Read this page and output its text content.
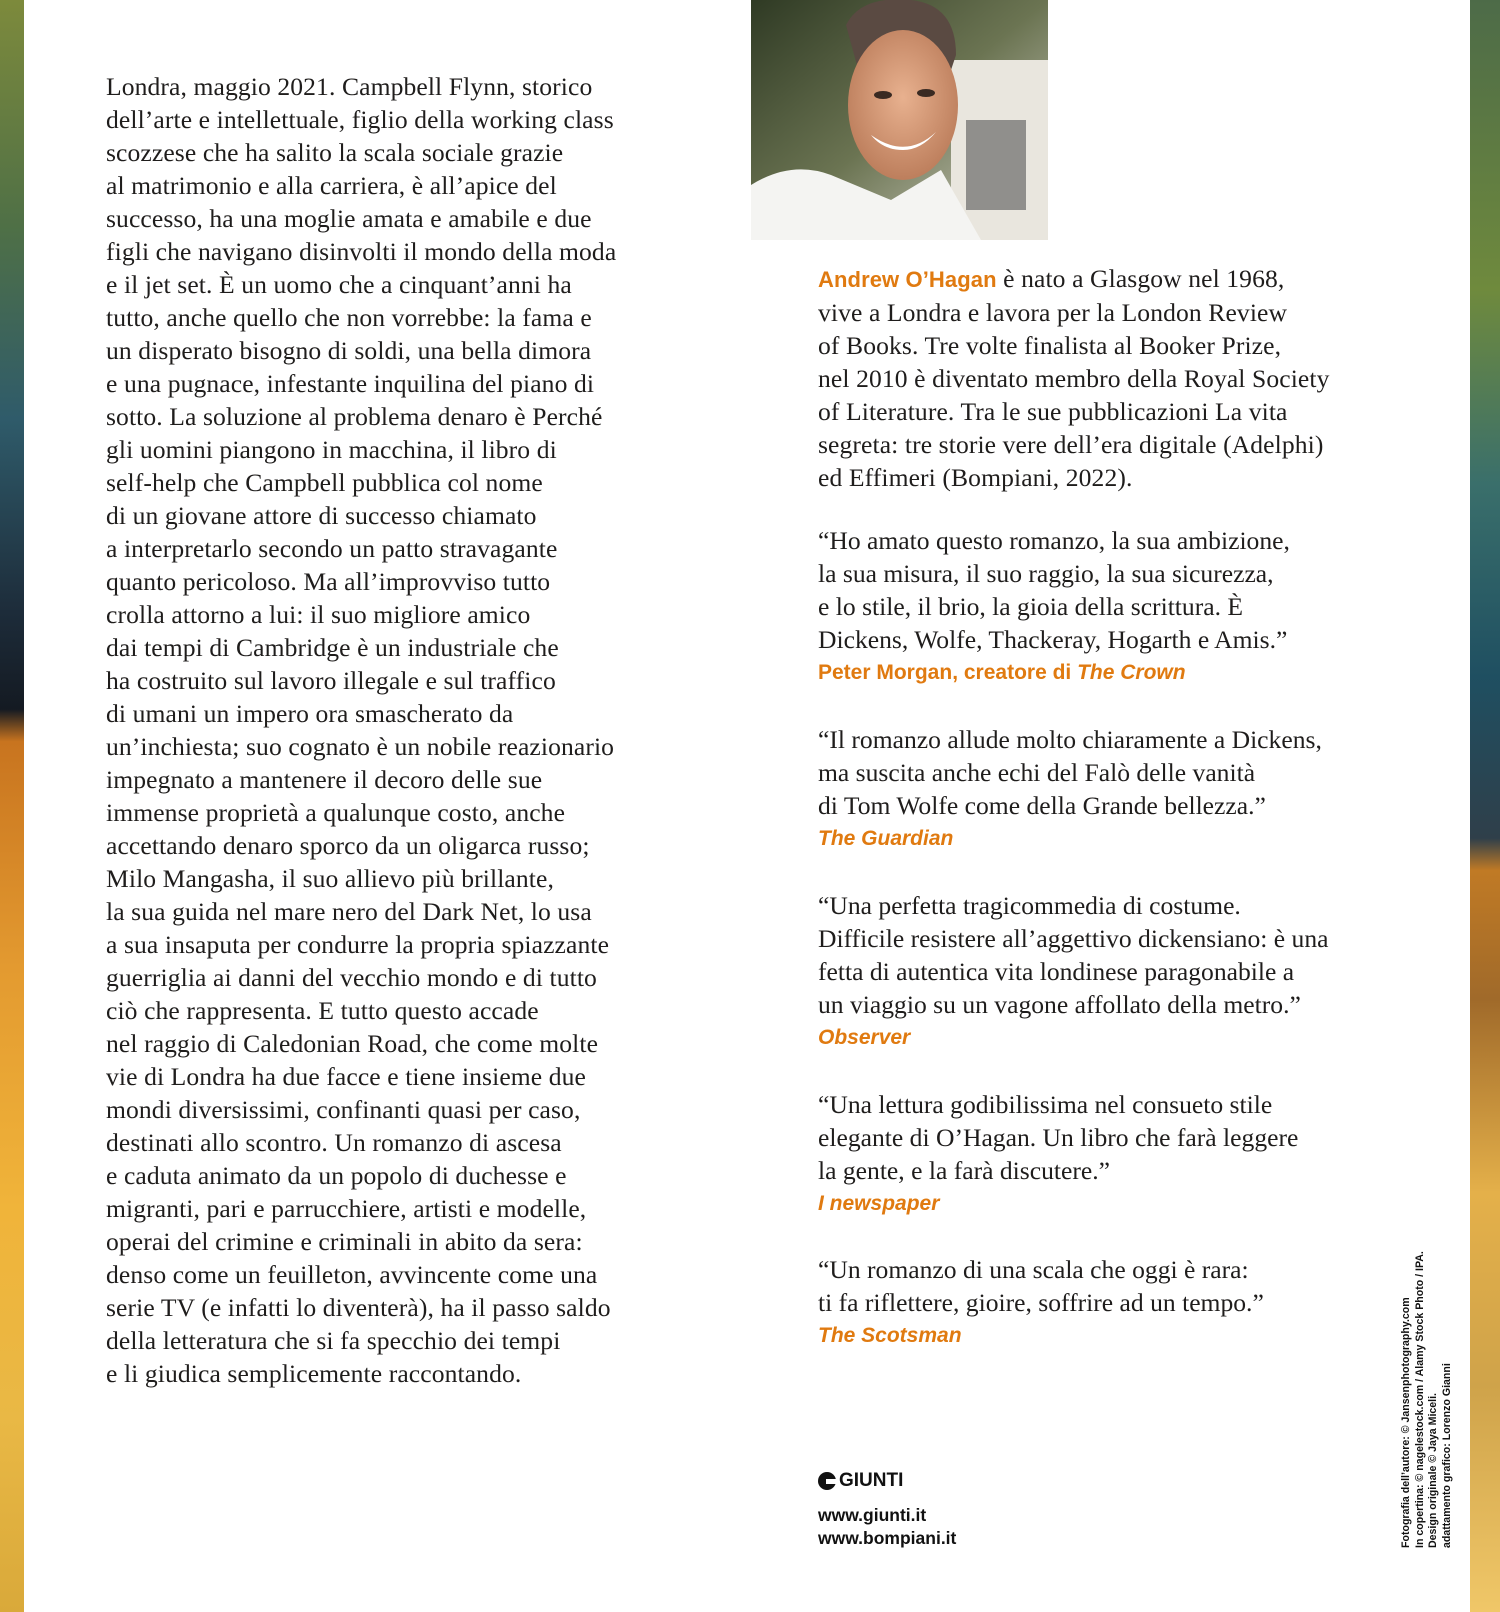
Londra, maggio 2021. Campbell Flynn, storico
dell’arte e intellettuale, figlio della working class
scozzese che ha salito la scala sociale grazie
al matrimonio e alla carriera, è all’apice del
successo, ha una moglie amata e amabile e due
figli che navigano disinvolti il mondo della moda
e il jet set. È un uomo che a cinquant’anni ha
tutto, anche quello che non vorrebbe: la fama e
un disperato bisogno di soldi, una bella dimora
e una pugnace, infestante inquilina del piano di
sotto. La soluzione al problema denaro è Perché
gli uomini piangono in macchina, il libro di
self-help che Campbell pubblica col nome
di un giovane attore di successo chiamato
a interpretarlo secondo un patto stravagante
quanto pericoloso. Ma all’improvviso tutto
crolla attorno a lui: il suo migliore amico
dai tempi di Cambridge è un industriale che
ha costruito sul lavoro illegale e sul traffico
di umani un impero ora smascherato da
un’inchiesta; suo cognato è un nobile reazionario
impegnato a mantenere il decoro delle sue
immense proprietà a qualunque costo, anche
accettando denaro sporco da un oligarca russo;
Milo Mangasha, il suo allievo più brillante,
la sua guida nel mare nero del Dark Net, lo usa
a sua insaputa per condurre la propria spiazzante
guerriglia ai danni del vecchio mondo e di tutto
ciò che rappresenta. E tutto questo accade
nel raggio di Caledonian Road, che come molte
vie di Londra ha due facce e tiene insieme due
mondi diversissimi, confinanti quasi per caso,
destinati allo scontro. Un romanzo di ascesa
e caduta animato da un popolo di duchesse e
migranti, pari e parrucchiere, artisti e modelle,
operai del crimine e criminali in abito da sera:
denso come un feuilleton, avvincente come una
serie TV (e infatti lo diventerà), ha il passo saldo
della letteratura che si fa specchio dei tempi
e li giudica semplicemente raccontando.
Andrew O’Hagan è nato a Glasgow nel 1968,
vive a Londra e lavora per la London Review
of Books. Tre volte finalista al Booker Prize,
nel 2010 è diventato membro della Royal Society
of Literature. Tra le sue pubblicazioni La vita
segreta: tre storie vere dell’era digitale (Adelphi)
ed Effimeri (Bompiani, 2022).
“Ho amato questo romanzo, la sua ambizione,
la sua misura, il suo raggio, la sua sicurezza,
e lo stile, il brio, la gioia della scrittura. È
Dickens, Wolfe, Thackeray, Hogarth e Amis.”
Peter Morgan, creatore di The Crown
“Il romanzo allude molto chiaramente a Dickens,
ma suscita anche echi del Falò delle vanità
di Tom Wolfe come della Grande bellezza.”
The Guardian
“Una perfetta tragicommedia di costume.
Difficile resistere all’aggettivo dickensiano: è una
fetta di autentica vita londinese paragonabile a
un viaggio su un vagone affollato della metro.”
Observer
“Una lettura godibilissima nel consueto stile
elegante di O’Hagan. Un libro che farà leggere
la gente, e la farà discutere.”
I newspaper
“Un romanzo di una scala che oggi è rara:
ti fa riflettere, gioire, soffrire ad un tempo.”
The Scotsman
GIUNTI
www.giunti.it
www.bompiani.it	Fotografia dell’autore: © Jansenphotography.com In copertina: © nagelestock.com / Alamy Stock Photo / IPA. Design originale © Jaya Miceli. adattamento grafico: Lorenzo Gianni
